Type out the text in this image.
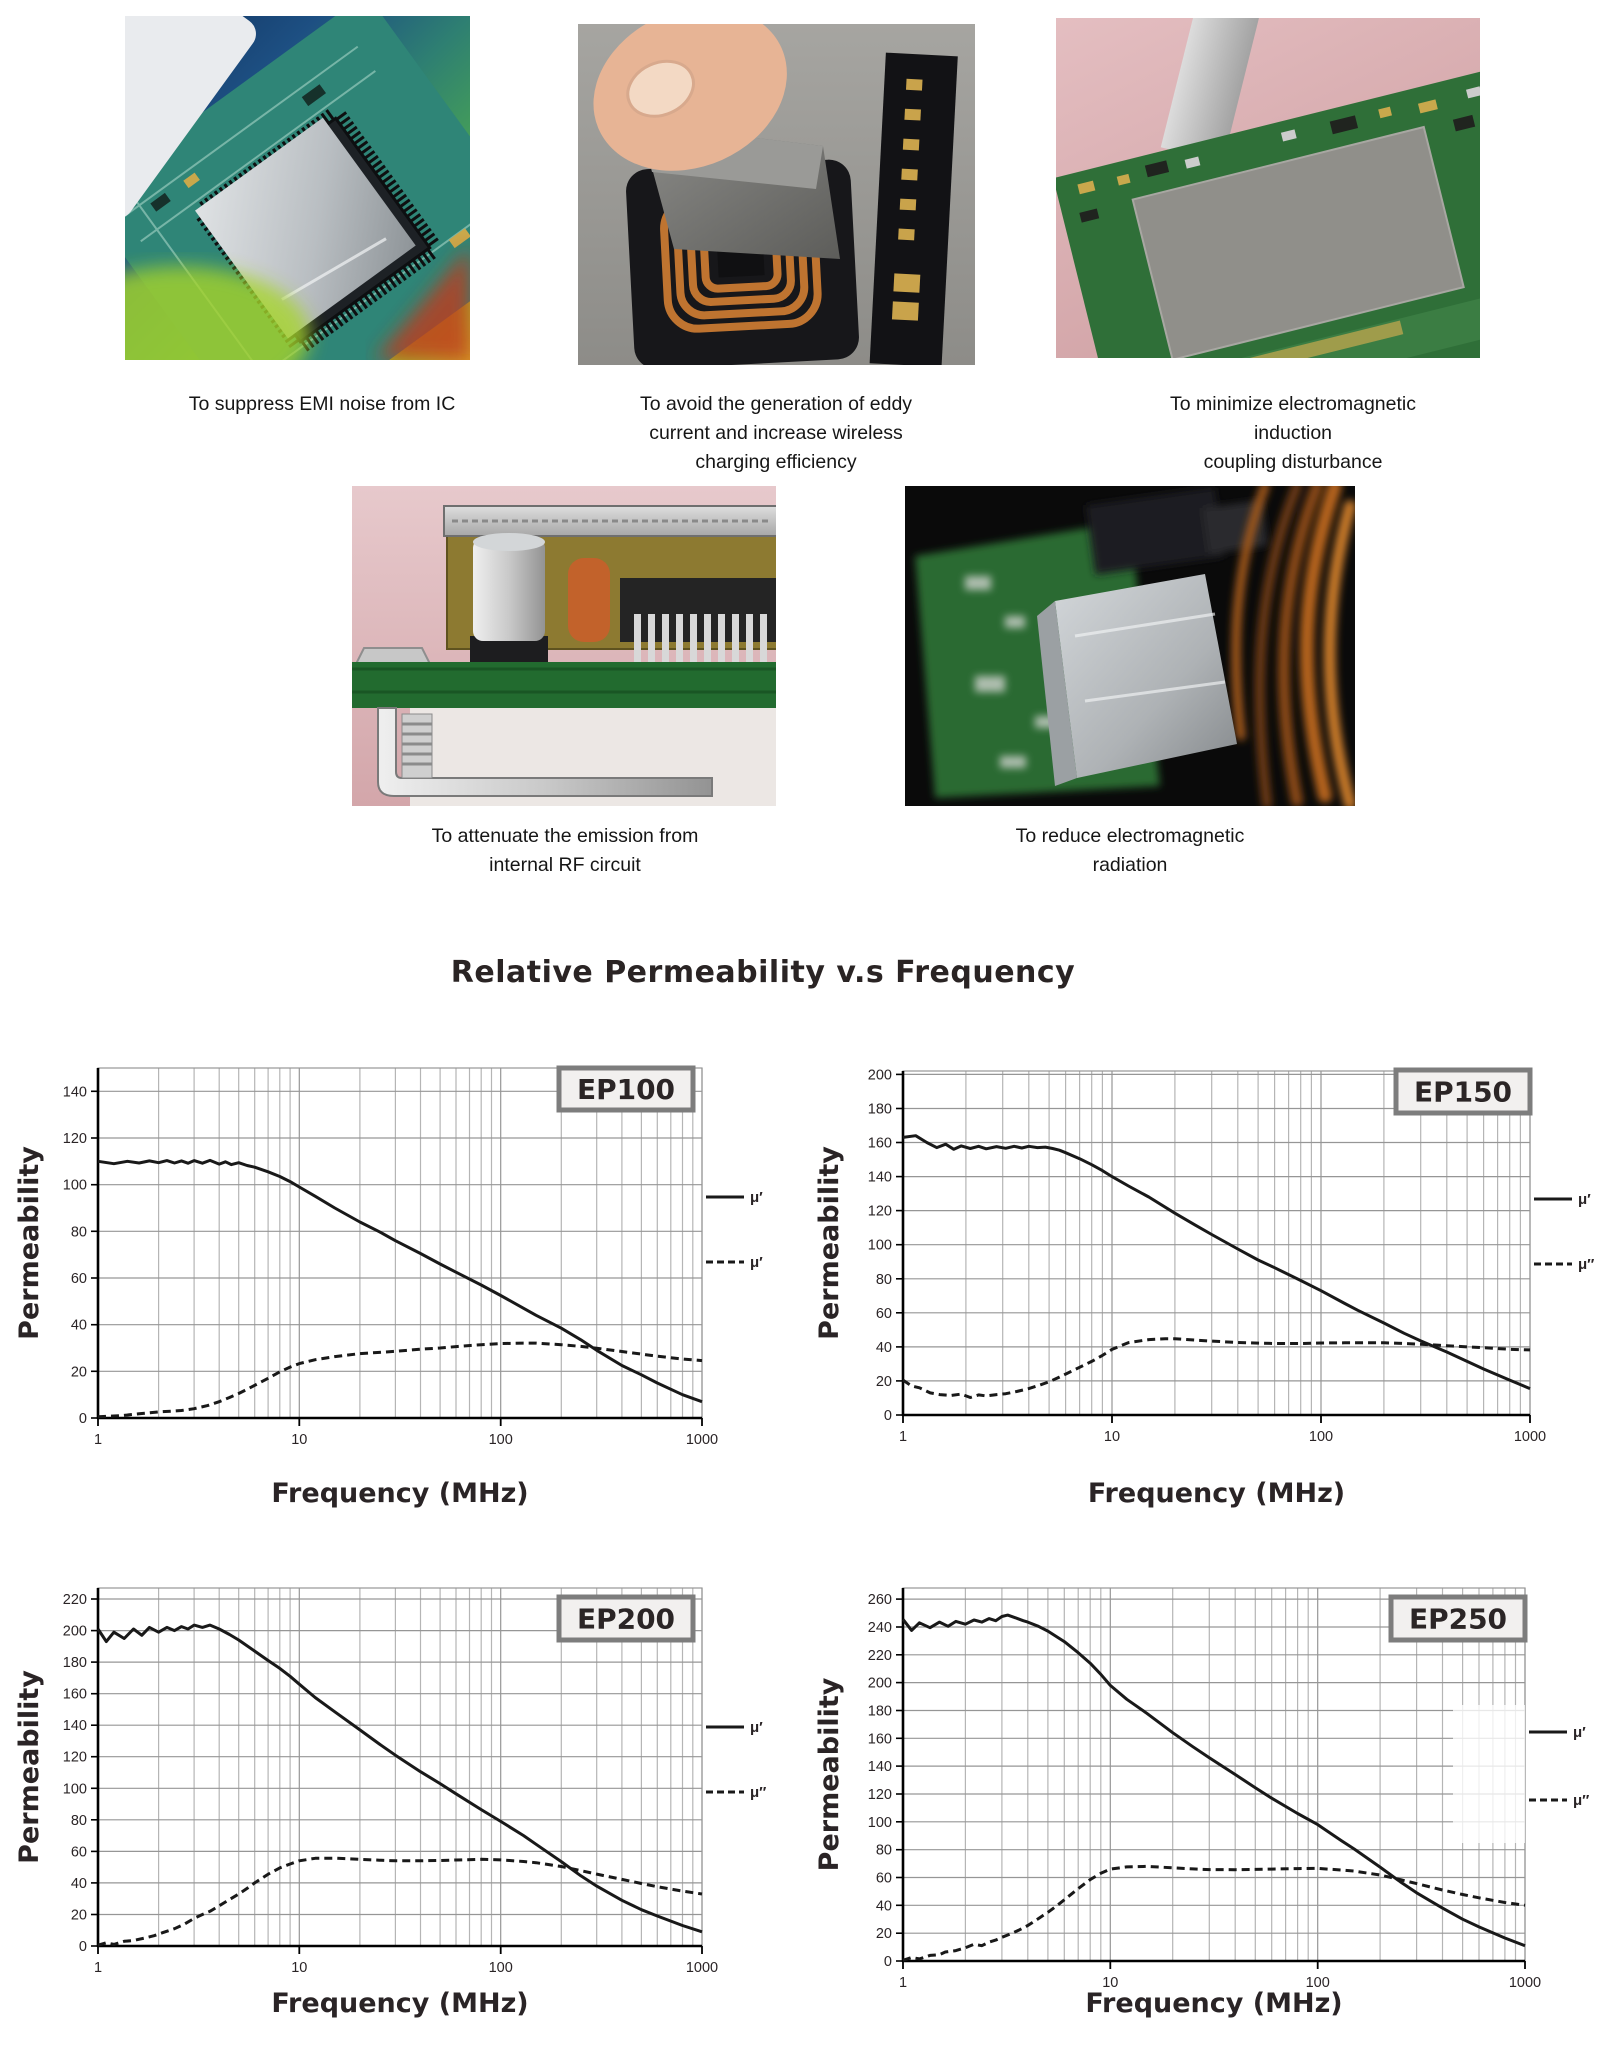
To suppress EMI noise from IC	To avoid the generation of eddy
current and increase wireless
charging efficiency
To minimize electromagnetic
induction
coupling disturbance
To attenuate the emission from
internal RF circuit
To reduce electromagnetic
radiation
Relative Permeability v.s Frequency
0
20
40
60
80
100
120
140
1	10	100	1000
μ′
μ′
EP100
Permeability
Frequency (MHz)
0
20
40
60
80
100
120
140
160
180
200
1	10	100	1000
μ′
μ″
EP150
Permeability
Frequency (MHz)
0
20
40
60
80
100
120
140
160
180
200
220
1	10	100	1000
μ′
μ″
EP200
Permeability
Frequency (MHz)
0
20
40
60
80
100
120
140
160
180
200
220
240
260
1	10	100	1000
μ′
μ″
EP250
Permeability
Frequency (MHz)
